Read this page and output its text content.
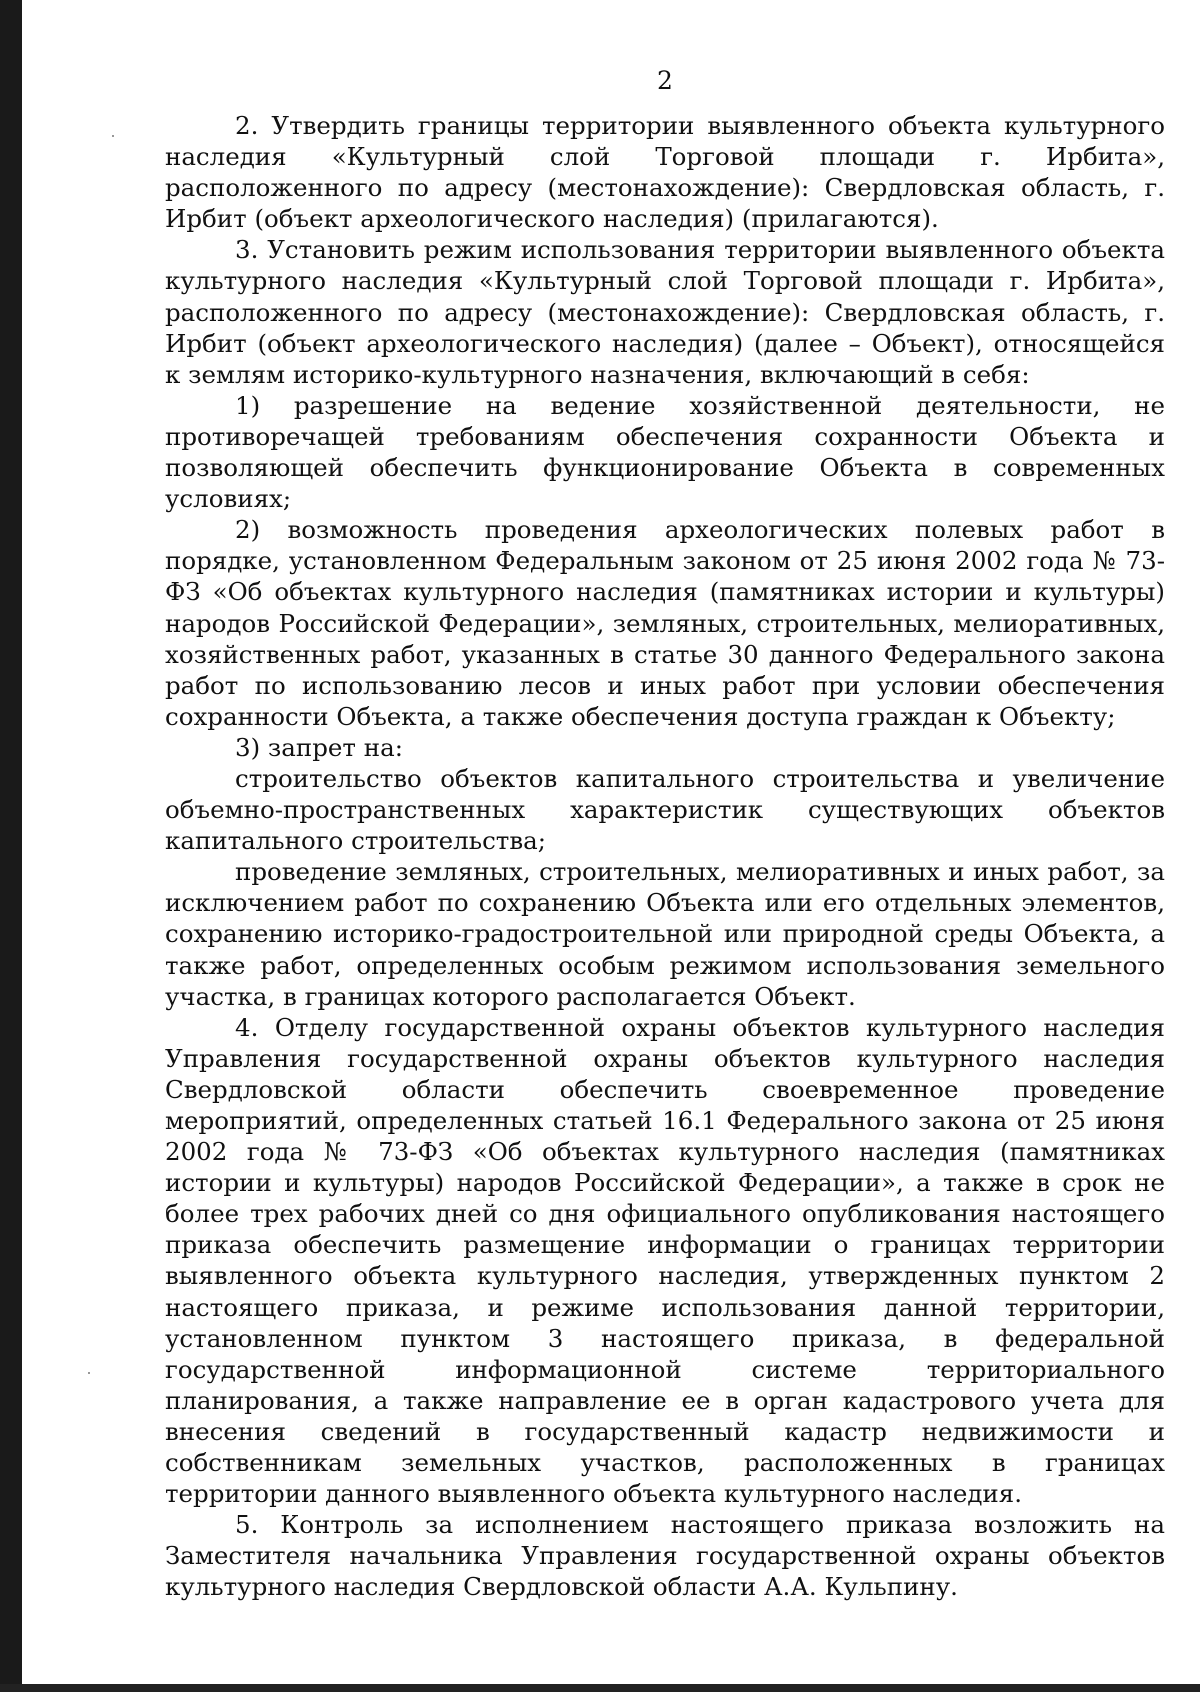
2

2. Утвердить границы территории выявленного объекта культурного наследия «Культурный слой Торговой площади г. Ирбита», расположенного по адресу (местонахождение): Свердловская область, г. Ирбит (объект археологического наследия) (прилагаются).

3. Установить режим использования территории выявленного объекта культурного наследия «Культурный слой Торговой площади г. Ирбита», расположенного по адресу (местонахождение): Свердловская область, г. Ирбит (объект археологического наследия) (далее – Объект), относящейся к землям историко-культурного назначения, включающий в себя:

1) разрешение на ведение хозяйственной деятельности, не противоречащей требованиям обеспечения сохранности Объекта и позволяющей обеспечить функционирование Объекта в современных условиях;

2) возможность проведения археологических полевых работ в порядке, установленном Федеральным законом от 25 июня 2002 года № 73-ФЗ «Об объектах культурного наследия (памятниках истории и культуры) народов Российской Федерации», земляных, строительных, мелиоративных, хозяйственных работ, указанных в статье 30 данного Федерального закона работ по использованию лесов и иных работ при условии обеспечения сохранности Объекта, а также обеспечения доступа граждан к Объекту;

3) запрет на:

строительство объектов капитального строительства и увеличение объемно-пространственных характеристик существующих объектов капитального строительства;

проведение земляных, строительных, мелиоративных и иных работ, за исключением работ по сохранению Объекта или его отдельных элементов, сохранению историко-градостроительной или природной среды Объекта, а также работ, определенных особым режимом использования земельного участка, в границах которого располагается Объект.

4. Отделу государственной охраны объектов культурного наследия Управления государственной охраны объектов культурного наследия Свердловской области обеспечить своевременное проведение мероприятий, определенных статьей 16.1 Федерального закона от 25 июня 2002 года № 73-ФЗ «Об объектах культурного наследия (памятниках истории и культуры) народов Российской Федерации», а также в срок не более трех рабочих дней со дня официального опубликования настоящего приказа обеспечить размещение информации о границах территории выявленного объекта культурного наследия, утвержденных пунктом 2 настоящего приказа, и режиме использования данной территории, установленном пунктом 3 настоящего приказа, в федеральной государственной информационной системе территориального планирования, а также направление ее в орган кадастрового учета для внесения сведений в государственный кадастр недвижимости и собственникам земельных участков, расположенных в границах территории данного выявленного объекта культурного наследия.

5. Контроль за исполнением настоящего приказа возложить на Заместителя начальника Управления государственной охраны объектов культурного наследия Свердловской области А.А. Кульпину.
